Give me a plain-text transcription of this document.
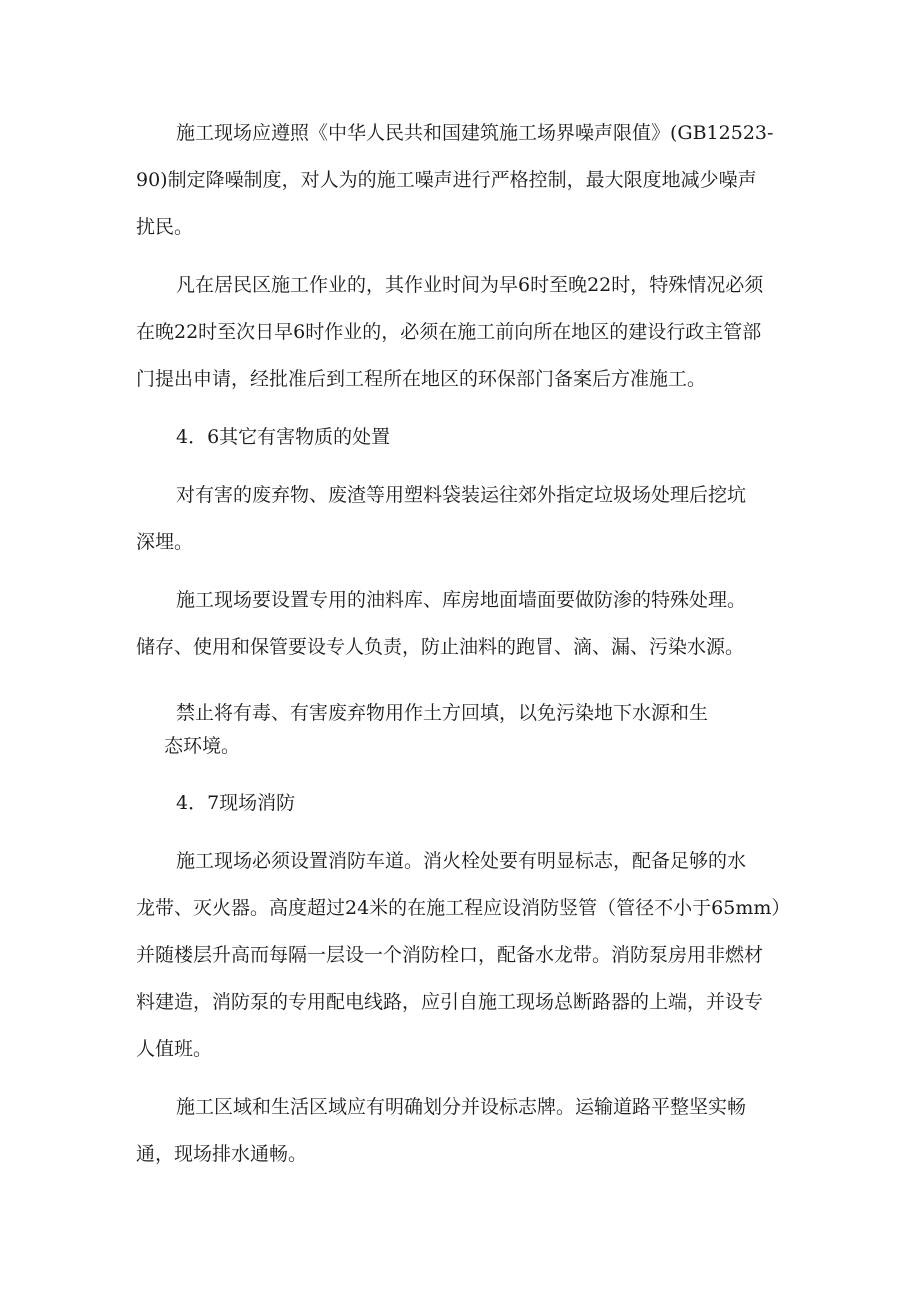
施工现场应遵照《中华人民共和国建筑施工场界噪声限值》(GB12523-
90)制定降噪制度，对人为的施工噪声进行严格控制，最大限度地减少噪声
扰民。
凡在居民区施工作业的，其作业时间为早6时至晚22时，特殊情况必须
在晚22时至次日早6时作业的，必须在施工前向所在地区的建设行政主管部
门提出申请，经批准后到工程所在地区的环保部门备案后方准施工。
4．6其它有害物质的处置
对有害的废弃物、废渣等用塑料袋装运往郊外指定垃圾场处理后挖坑
深埋。
施工现场要设置专用的油料库、库房地面墙面要做防渗的特殊处理。
储存、使用和保管要设专人负责，防止油料的跑冒、滴、漏、污染水源。
禁止将有毒、有害废弃物用作土方回填，以免污染地下水源和生
态环境。
4．7现场消防
施工现场必须设置消防车道。消火栓处要有明显标志，配备足够的水
龙带、灭火器。高度超过24米的在施工程应设消防竖管（管径不小于65mm）
并随楼层升高而每隔一层设一个消防栓口，配备水龙带。消防泵房用非燃材
料建造，消防泵的专用配电线路，应引自施工现场总断路器的上端，并设专
人值班。
施工区域和生活区域应有明确划分并设标志牌。运输道路平整坚实畅
通，现场排水通畅。
